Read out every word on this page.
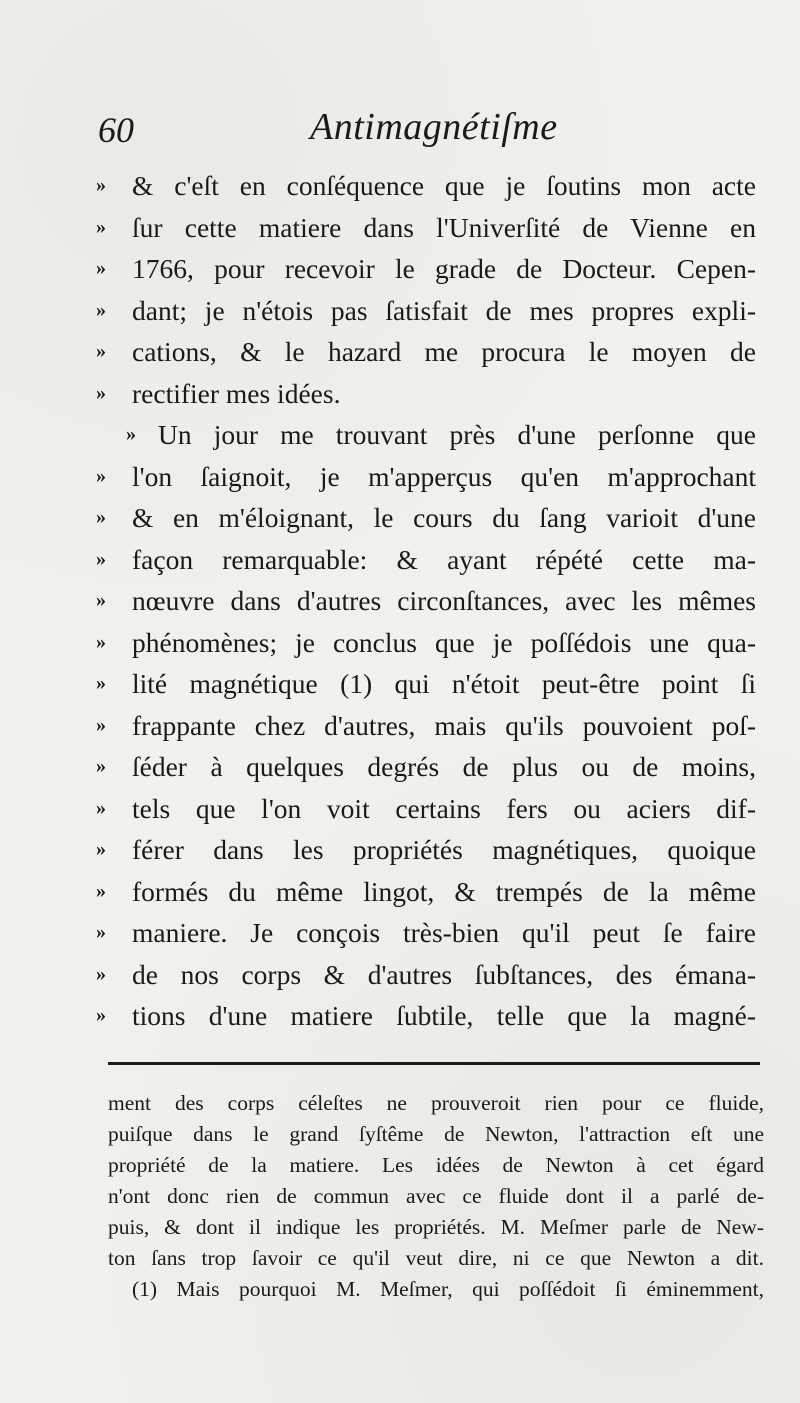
60	Antimagnétiſme
» & c'eſt en conſéquence que je ſoutins mon acte
» ſur cette matiere dans l'Univerſité de Vienne en
» 1766, pour recevoir le grade de Docteur. Cepen-
» dant; je n'étois pas ſatisfait de mes propres expli-
» cations, & le hazard me procura le moyen de
» rectifier mes idées.
» Un jour me trouvant près d'une perſonne que
» l'on ſaignoit, je m'apperçus qu'en m'approchant
» & en m'éloignant, le cours du ſang varioit d'une
» façon remarquable: & ayant répété cette ma-
» nœuvre dans d'autres circonſtances, avec les mêmes
» phénomènes; je conclus que je poſſédois une qua-
» lité magnétique (1) qui n'étoit peut-être point ſi
» frappante chez d'autres, mais qu'ils pouvoient poſ-
» ſéder à quelques degrés de plus ou de moins,
» tels que l'on voit certains fers ou aciers dif-
» férer dans les propriétés magnétiques, quoique
» formés du même lingot, & trempés de la même
» maniere. Je conçois très-bien qu'il peut ſe faire
» de nos corps & d'autres ſubſtances, des émana-
» tions d'une matiere ſubtile, telle que la magné-
ment des corps céleſtes ne prouveroit rien pour ce fluide,
puiſque dans le grand ſyſtême de Newton, l'attraction eſt une
propriété de la matiere. Les idées de Newton à cet égard
n'ont donc rien de commun avec ce fluide dont il a parlé de-
puis, & dont il indique les propriétés. M. Meſmer parle de New-
ton ſans trop ſavoir ce qu'il veut dire, ni ce que Newton a dit.
(1) Mais pourquoi M. Meſmer, qui poſſédoit ſi éminemment,
